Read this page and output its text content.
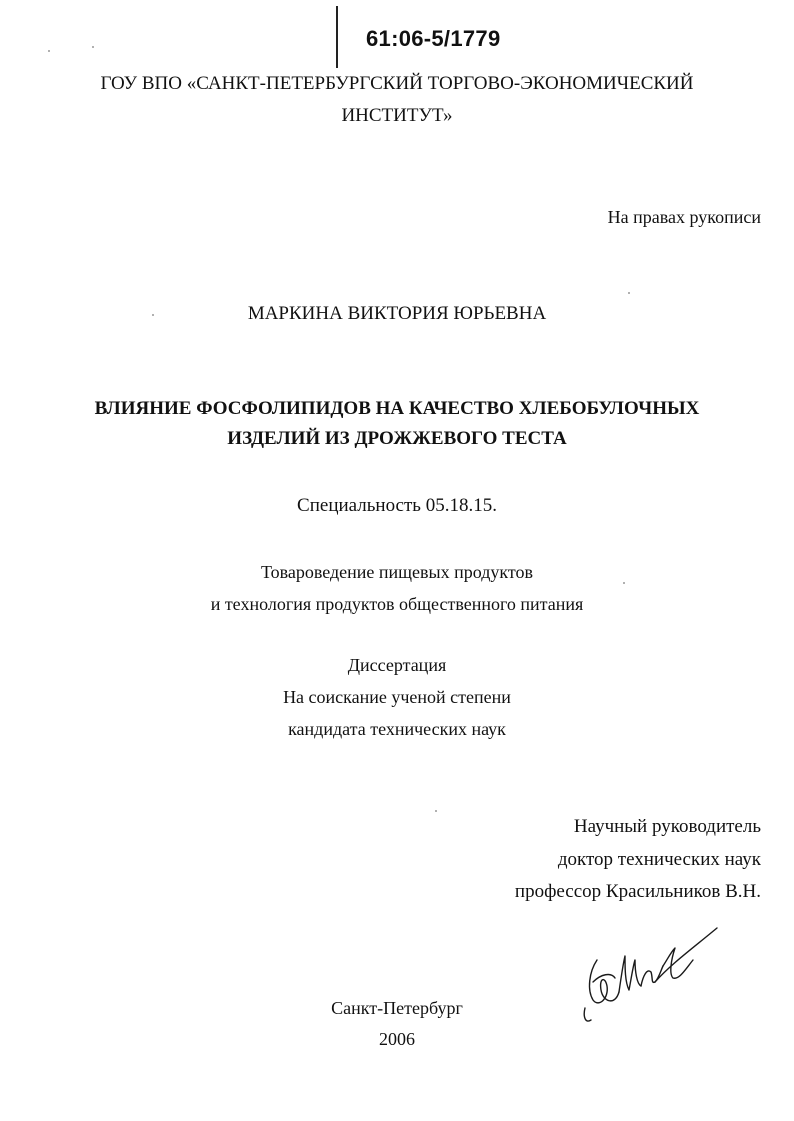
61:06-5/1779
ГОУ ВПО «САНКТ-ПЕТЕРБУРГСКИЙ ТОРГОВО-ЭКОНОМИЧЕСКИЙ
ИНСТИТУТ»
На правах рукописи
МАРКИНА ВИКТОРИЯ ЮРЬЕВНА
ВЛИЯНИЕ ФОСФОЛИПИДОВ НА КАЧЕСТВО ХЛЕБОБУЛОЧНЫХ
ИЗДЕЛИЙ ИЗ ДРОЖЖЕВОГО ТЕСТА
Специальность 05.18.15.
Товароведение пищевых продуктов
и технология продуктов общественного питания
Диссертация
На соискание ученой степени
кандидата технических наук
Научный руководитель
доктор технических наук
профессор Красильников В.Н.
Санкт-Петербург
2006
